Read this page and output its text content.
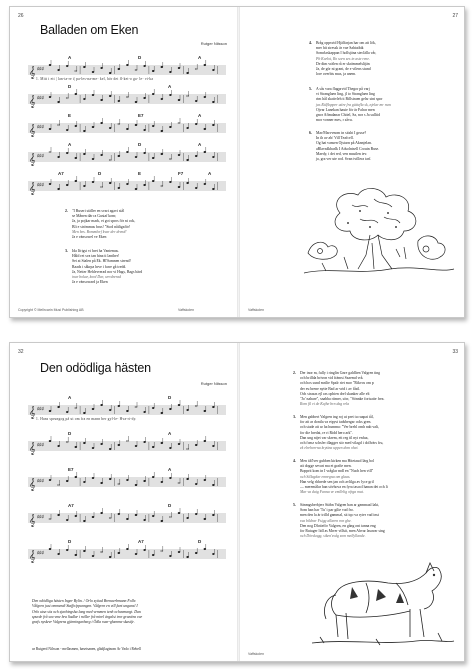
26
Balladen om Eken
Rutger Nilsson
𝄞 ♯♯♯
A	D	A
1. Mitt i ett | lan-ta-re i| pa-les-na-me- kel, hör det fl-ket-o ga- le- vi-ka
𝄞 ♯♯♯
D	A
𝄞 ♯♯♯
E	E7	A
𝄞 ♯♯♯
A	D	A
𝄞 ♯♯♯
A7	D	E	F7	A
2. "I Buseri ställer en svart agavi stål
se Månen där ra Gustaf kom;
Ja, ja pojkar mark, et got spros för ni ock,
Bli e strömmas brus! "Stod nåtligaför!
Men bes. Bommlorf kvar der drend!
Ja e vänsowel ve Eken
3. Ida Ifrigst vi hret ha Vantemas.
Håld ret sva tan hina ti lanther!
Sei at Stalen på Ek. Hl'Samnen strend!
Raads i såkrpa hrve i farre gå tredd.
Ja, Netter Hehlevrerad nor vi Hags, Bags bärd
inar bokar, kord Dar, wevdrerad
Ja e vänsoward ja Eken
Copyright © Mellrcarin Musi Publishing AB	Vaffskolen
27
4. Bråg oppsvid Hjälfarjan har om att lök,
mer hit stressk är vae Sahtatbik
Somrlaskappan I hollsjäna steclälla vår,
Pb Karlot, Ro sorn ses in aste rene.
De dim vrälen rå er skrämmelslijän
Ja, de gör ni grant, de e vilens stund
lore overbis mus, ja anem.
5. A sås vara flagprvid Thegor på varj
vi Stranglaen ling, jl to Stranglaen ling
rim hål skattvleh tt Billstraen gelsr sint spor
jas Rälflopper uttre fra gättvfla sk, njelar mr rum
Ojvar Lanekan hauie för är Falrar men
gnor Aftmdanar Chitel, Sa, nor s Ja sulltid
mor vonner mes, r såvu.
6. Mar/Marvvnom in sitsht I gruse?
In ih av ab/ Vill Teafcell.
Og hat vansen Ojstarn på Aknnjelan.
aBlavsdkbarlk I Adsolntsell Crouin Buse.
Maedy, i det red, ven mastlen iev.
ja, gra ver ute rod. Svan tvillera tarf.
Vaffskolen
32
Den odödliga hästen
Rutger Nilsson
𝄞 ♯♯♯
A	D
1. Hans sprungog på ut om fra en mann ber gyl-le- Hva-ri-dy.
𝄞 ♯♯♯
D	A
𝄞 ♯♯♯
E7	A
𝄞 ♯♯♯
A7	D
𝄞 ♯♯♯
D	A7	D
Den odödliga hästen Inger Bylin. / Orlo sytiad Brenaerbmann Folle.
Vålgren just ommendi Staffo/ppunngen. Vålgren en vill fant ungaral I
Orlo utsn sös och sjarbingsha lang med vemmen tenh ochvamargt. Dan
spurde frå sva vme bra Sadlar i miller frå mirel ärgalst tror granttra var
grafs nyskrer Valgrens gjärningarbarg i Ödla ruar-ghsmme skastfe.
ur Rutgerd Nilsson - mellasmen, basetsanen, glädjlaginom Ar Vado i Rebell
33
2. Der inor m, fully i ringlin Gnre galdlten Valgren ting
och brillda brivon vid främst Szaemd vrå.
och hos sund mrilie Spalr riet mor "Rikvos om p
der eu brene nytte Bad ar vrid i av fåstl.
Och strasas ejl ras ophien drel skanker alle elt
"Jo' nahare", snabba ritmer, sörr, "Sönnke fortsatte frea.
Rom fil vi de Kajhe brn dag rela
3. Men gabbert Valgren ing roj ut pret tu ruapai tål,
for att ar dontla va etpyst tadsbergar ocks gren.
och stade att ar ha humma: "Ver brehl omh nab vali,
for die bredat, re ri Ridd hero ark".
Dan ung nijet var skrem, ett reg til nyt enfua,
och fcmz schsfer dlagger stir med vilagd i dollvärs fru,
ek elrehverna kryttna uppen dom ohet.
4. Men ält'lver gubben kirken ma Hitetaaol lärg bol
att dogge sevart ma et grafie men.
Bopprit kom in I vråglar mdl en "Nuch hen vill"
och Sillagdar emregna om glaas.
Han velg rhhrede sen jan och avlilga av lyce gril
— meremålar han sövhova en fyra tasool hanan det och li
Mar va daig Fanna ve emllelig ofrga mat.
5. Sänmgsberbjerr Stäbn Valgren ban ar gammaal lakt,
Som han har 'Tu' i par gilie vad fro.
men den la är trilld gammal, sit tqo va ryter vad inst
sva bildrar Fsigg allaren ron ghe.
Den nog Dlotteför Valgren, en gång ont tanna eng
for Rutuger lidl as Mrrer villsit, men Ahvar lasavar sing
och Dörskogg, siken'svåg som mellyllande.
Vaffskolen
